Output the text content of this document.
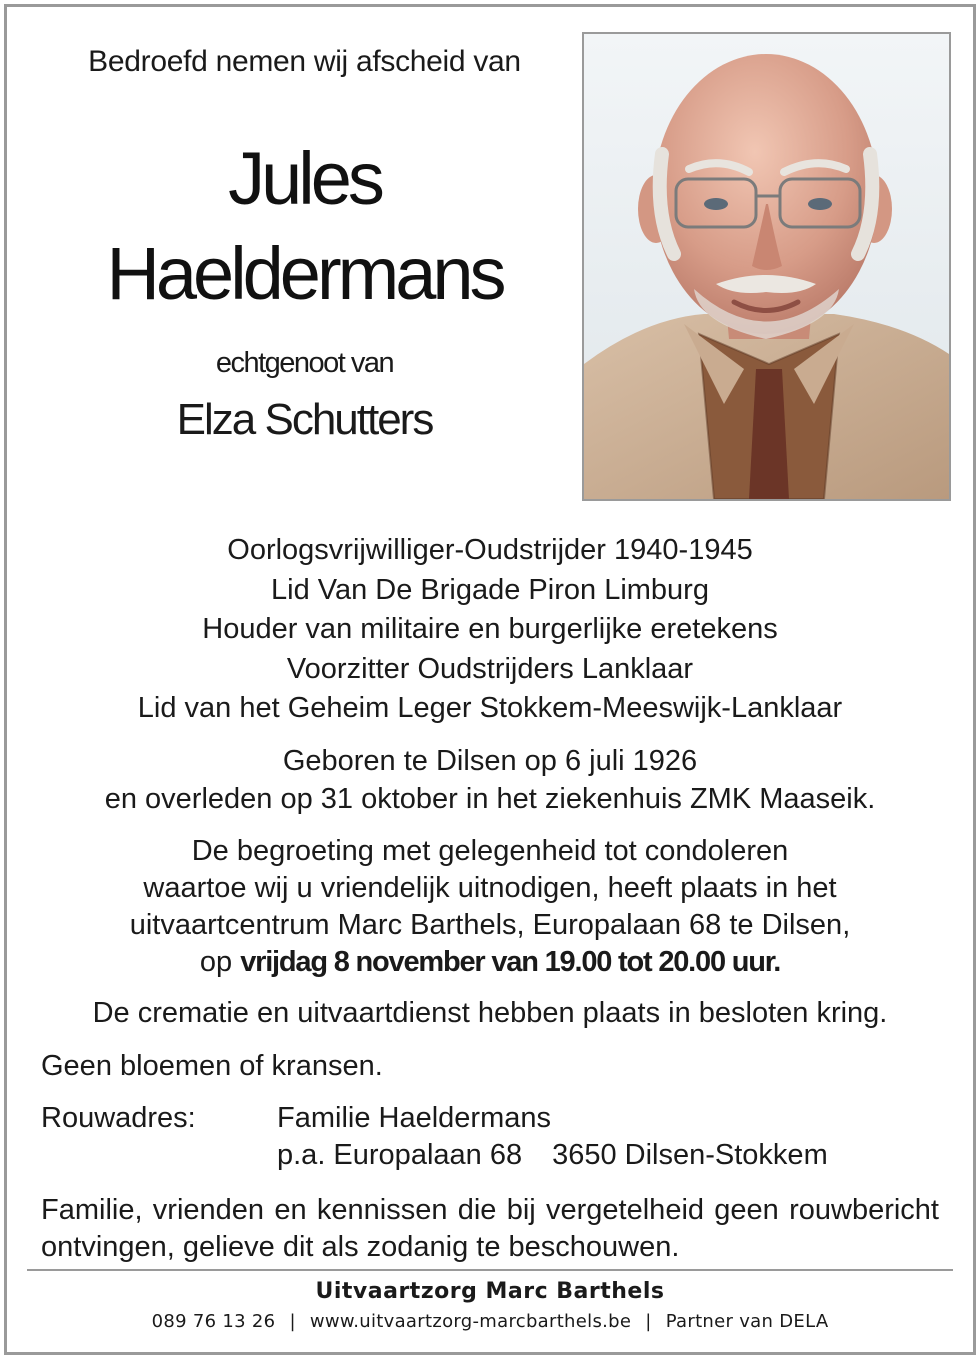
Bedroefd nemen wij afscheid van
Jules
Haeldermans
echtgenoot van
Elza Schutters
Oorlogsvrijwilliger-Oudstrijder 1940-1945
Lid Van De Brigade Piron Limburg
Houder van militaire en burgerlijke eretekens
Voorzitter Oudstrijders Lanklaar
Lid van het Geheim Leger Stokkem-Meeswijk-Lanklaar
Geboren te Dilsen op 6 juli 1926
en overleden op 31 oktober in het ziekenhuis ZMK Maaseik.
De begroeting met gelegenheid tot condoleren
waartoe wij u vriendelijk uitnodigen, heeft plaats in het
uitvaartcentrum Marc Barthels, Europalaan 68 te Dilsen,
op vrijdag 8 november van 19.00 tot 20.00 uur.
De crematie en uitvaartdienst hebben plaats in besloten kring.
Geen bloemen of kransen.
Rouwadres:	Familie Haeldermans
p.a. Europalaan 68 3650 Dilsen-Stokkem
Familie, vrienden en kennissen die bij vergetelheid geen rouwbericht ontvingen, gelieve dit als zodanig te beschouwen.
Uitvaartzorg Marc Barthels
089 76 13 26 | www.uitvaartzorg-marcbarthels.be | Partner van DELA
